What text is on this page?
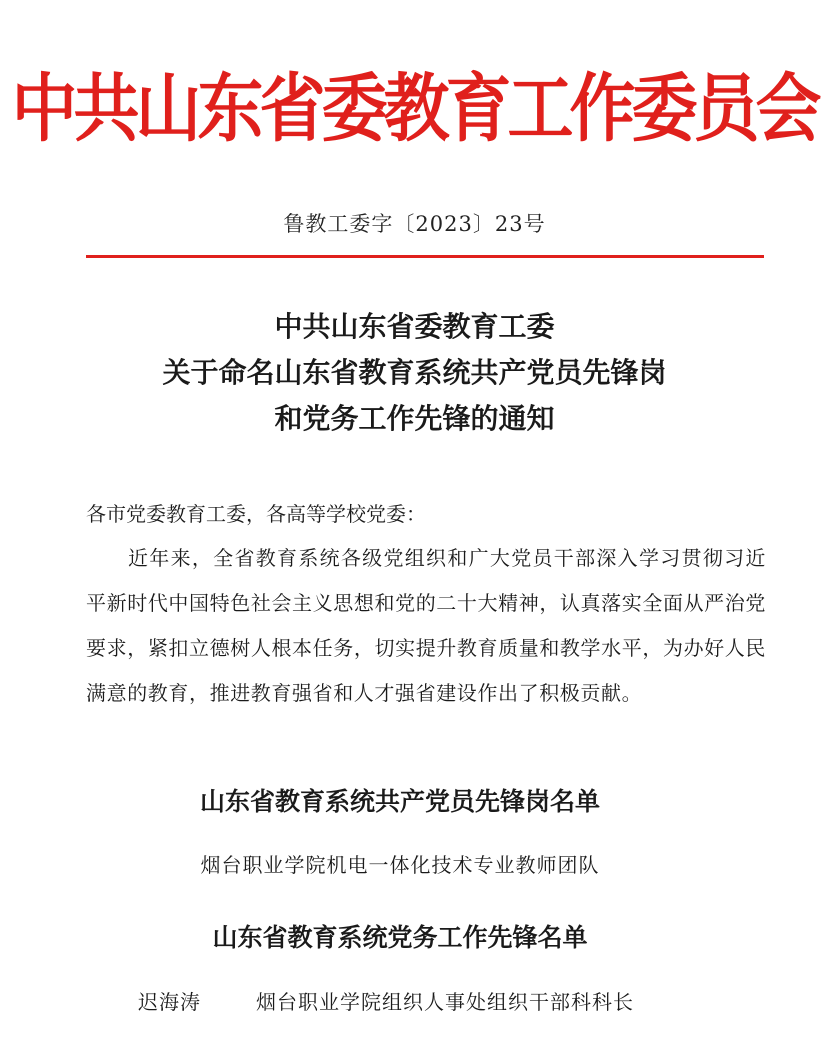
中共山东省委教育工作委员会
鲁教工委字〔2023〕23号
中共山东省委教育工委
关于命名山东省教育系统共产党员先锋岗
和党务工作先锋的通知
各市党委教育工委，各高等学校党委：
近年来，全省教育系统各级党组织和广大党员干部深入学习贯彻习近平新时代中国特色社会主义思想和党的二十大精神，认真落实全面从严治党要求，紧扣立德树人根本任务，切实提升教育质量和教学水平，为办好人民满意的教育，推进教育强省和人才强省建设作出了积极贡献。
山东省教育系统共产党员先锋岗名单
烟台职业学院机电一体化技术专业教师团队
山东省教育系统党务工作先锋名单
迟海涛	烟台职业学院组织人事处组织干部科科长
